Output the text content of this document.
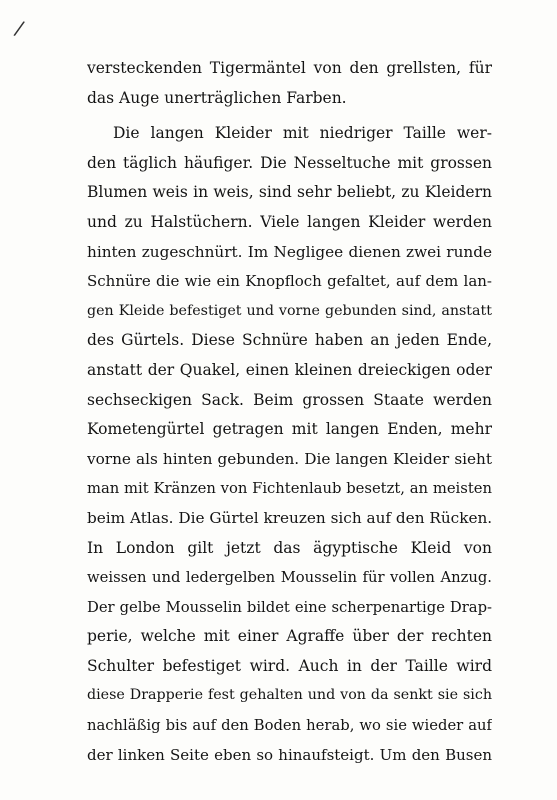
/
versteckenden Tigermäntel von den grellsten, für
das Auge unerträglichen Farben.
Die langen Kleider mit niedriger Taille wer-
den täglich häufiger. Die Nesseltuche mit grossen
Blumen weis in weis, sind sehr beliebt, zu Kleidern
und zu Halstüchern. Viele langen Kleider werden
hinten zugeschnürt. Im Negligee dienen zwei runde
Schnüre die wie ein Knopfloch gefaltet, auf dem lan-
gen Kleide befestiget und vorne gebunden sind, anstatt
des Gürtels. Diese Schnüre haben an jeden Ende,
anstatt der Quakel, einen kleinen dreieckigen oder
sechseckigen Sack. Beim grossen Staate werden
Kometengürtel getragen mit langen Enden, mehr
vorne als hinten gebunden. Die langen Kleider sieht
man mit Kränzen von Fichtenlaub besetzt, an meisten
beim Atlas. Die Gürtel kreuzen sich auf den Rücken.
In London gilt jetzt das ägyptische Kleid von
weissen und ledergelben Mousselin für vollen Anzug.
Der gelbe Mousselin bildet eine scherpenartige Drap-
perie, welche mit einer Agraffe über der rechten
Schulter befestiget wird. Auch in der Taille wird
diese Drapperie fest gehalten und von da senkt sie sich
nachläßig bis auf den Boden herab, wo sie wieder auf
der linken Seite eben so hinaufsteigt. Um den Busen
